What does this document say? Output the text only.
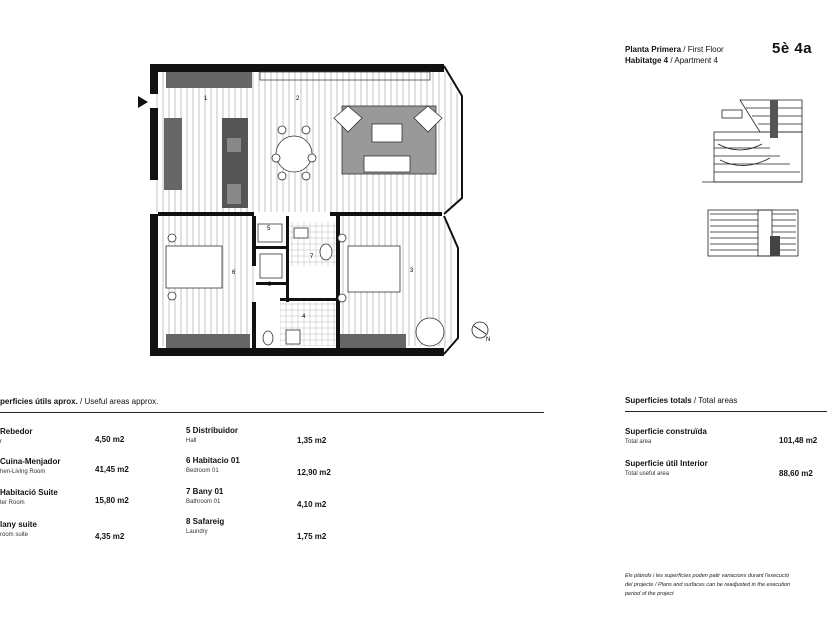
Planta Primera / First Floor
Habitatge 4 / Apartment 4
5è 4a
N
1	2
3
4
5
6
7
8
perficies útils aprox. / Useful areas approx.
Rebedor
r	4,50 m2
Cuina-Menjador
hen-Living Room	41,45 m2
Habitació Suite
ter Room	15,80 m2
lany suite
room suite	4,35 m2
5 Distribuidor
Hall	1,35 m2
6 Habitacio 01
Bedroom 01	12,90 m2
7 Bany 01
Bathroom 01	4,10 m2
8 Safareig
Laundry	1,75 m2
Superficies totals / Total areas
Superficie construïda
Total area	101,48 m2
Superficie útil Interior
Total useful area	88,60 m2
Els plànols i les superfícies poden patir variacions durant l'execució
del projecte / Plans and surfaces can be readjusted in the execution
period of the project
